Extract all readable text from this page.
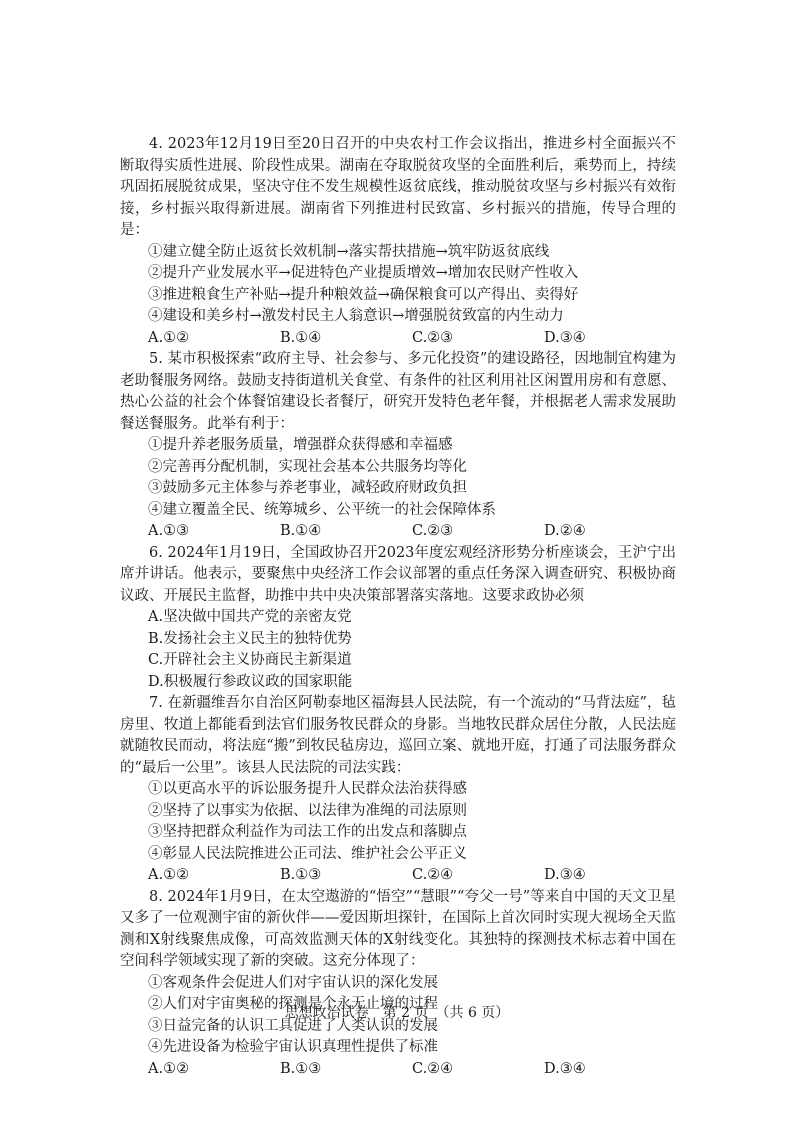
4. 2023年12月19日至20日召开的中央农村工作会议指出，推进乡村全面振兴不断取得实质性进展、阶段性成果。湖南在夺取脱贫攻坚的全面胜利后，乘势而上，持续巩固拓展脱贫成果，坚决守住不发生规模性返贫底线，推动脱贫攻坚与乡村振兴有效衔接，乡村振兴取得新进展。湖南省下列推进村民致富、乡村振兴的措施，传导合理的是：

①建立健全防止返贫长效机制→落实帮扶措施→筑牢防返贫底线

②提升产业发展水平→促进特色产业提质增效→增加农民财产性收入

③推进粮食生产补贴→提升种粮效益→确保粮食可以产得出、卖得好

④建设和美乡村→激发村民主人翁意识→增强脱贫致富的内生动力

A.①②	B.①④	C.②③	D.③④

5. 某市积极探索“政府主导、社会参与、多元化投资”的建设路径，因地制宜构建为老助餐服务网络。鼓励支持街道机关食堂、有条件的社区利用社区闲置用房和有意愿、热心公益的社会个体餐馆建设长者餐厅，研究开发特色老年餐，并根据老人需求发展助餐送餐服务。此举有利于：

①提升养老服务质量，增强群众获得感和幸福感

②完善再分配机制，实现社会基本公共服务均等化

③鼓励多元主体参与养老事业，减轻政府财政负担

④建立覆盖全民、统筹城乡、公平统一的社会保障体系

A.①③	B.①④	C.②③	D.②④

6. 2024年1月19日，全国政协召开2023年度宏观经济形势分析座谈会，王沪宁出席并讲话。他表示，要聚焦中央经济工作会议部署的重点任务深入调查研究、积极协商议政、开展民主监督，助推中共中央决策部署落实落地。这要求政协必须

A.坚决做中国共产党的亲密友党

B.发扬社会主义民主的独特优势

C.开辟社会主义协商民主新渠道

D.积极履行参政议政的国家职能

7. 在新疆维吾尔自治区阿勒泰地区福海县人民法院，有一个流动的“马背法庭”，毡房里、牧道上都能看到法官们服务牧民群众的身影。当地牧民群众居住分散，人民法庭就随牧民而动，将法庭“搬”到牧民毡房边，巡回立案、就地开庭，打通了司法服务群众的“最后一公里”。该县人民法院的司法实践：

①以更高水平的诉讼服务提升人民群众法治获得感

②坚持了以事实为依据、以法律为准绳的司法原则

③坚持把群众利益作为司法工作的出发点和落脚点

④彰显人民法院推进公正司法、维护社会公平正义

A.①②	B.①③	C.②④	D.③④

8. 2024年1月9日，在太空遨游的“悟空”“慧眼”“夸父一号”等来自中国的天文卫星又多了一位观测宇宙的新伙伴——爱因斯坦探针，在国际上首次同时实现大视场全天监测和X射线聚焦成像，可高效监测天体的X射线变化。其独特的探测技术标志着中国在空间科学领域实现了新的突破。这充分体现了：

①客观条件会促进人们对宇宙认识的深化发展

②人们对宇宙奥秘的探测是个永无止境的过程

③日益完备的认识工具促进了人类认识的发展

④先进设备为检验宇宙认识真理性提供了标准

A.①②	B.①③	C.②④	D.③④
思想政治试卷　第 2 页　（共 6 页）
